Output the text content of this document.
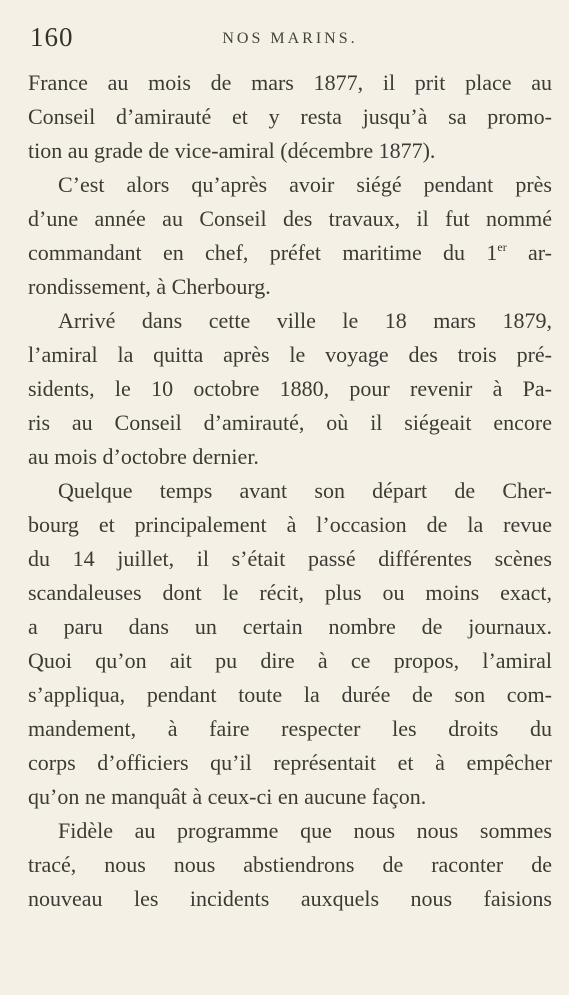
160	NOS MARINS.

France au mois de mars 1877, il prit place au

Conseil d’amirauté et y resta jusqu’à sa promo-

tion au grade de vice-amiral (décembre 1877).

C’est alors qu’après avoir siégé pendant près

d’une année au Conseil des travaux, il fut nommé

commandant en chef, préfet maritime du 1er ar-

rondissement, à Cherbourg.

Arrivé dans cette ville le 18 mars 1879,

l’amiral la quitta après le voyage des trois pré-

sidents, le 10 octobre 1880, pour revenir à Pa-

ris au Conseil d’amirauté, où il siégeait encore

au mois d’octobre dernier.

Quelque temps avant son départ de Cher-

bourg et principalement à l’occasion de la revue

du 14 juillet, il s’était passé différentes scènes

scandaleuses dont le récit, plus ou moins exact,

a paru dans un certain nombre de journaux.

Quoi qu’on ait pu dire à ce propos, l’amiral

s’appliqua, pendant toute la durée de son com-

mandement, à faire respecter les droits du

corps d’officiers qu’il représentait et à empêcher

qu’on ne manquât à ceux-ci en aucune façon.

Fidèle au programme que nous nous sommes

tracé, nous nous abstiendrons de raconter de

nouveau les incidents auxquels nous faisions
